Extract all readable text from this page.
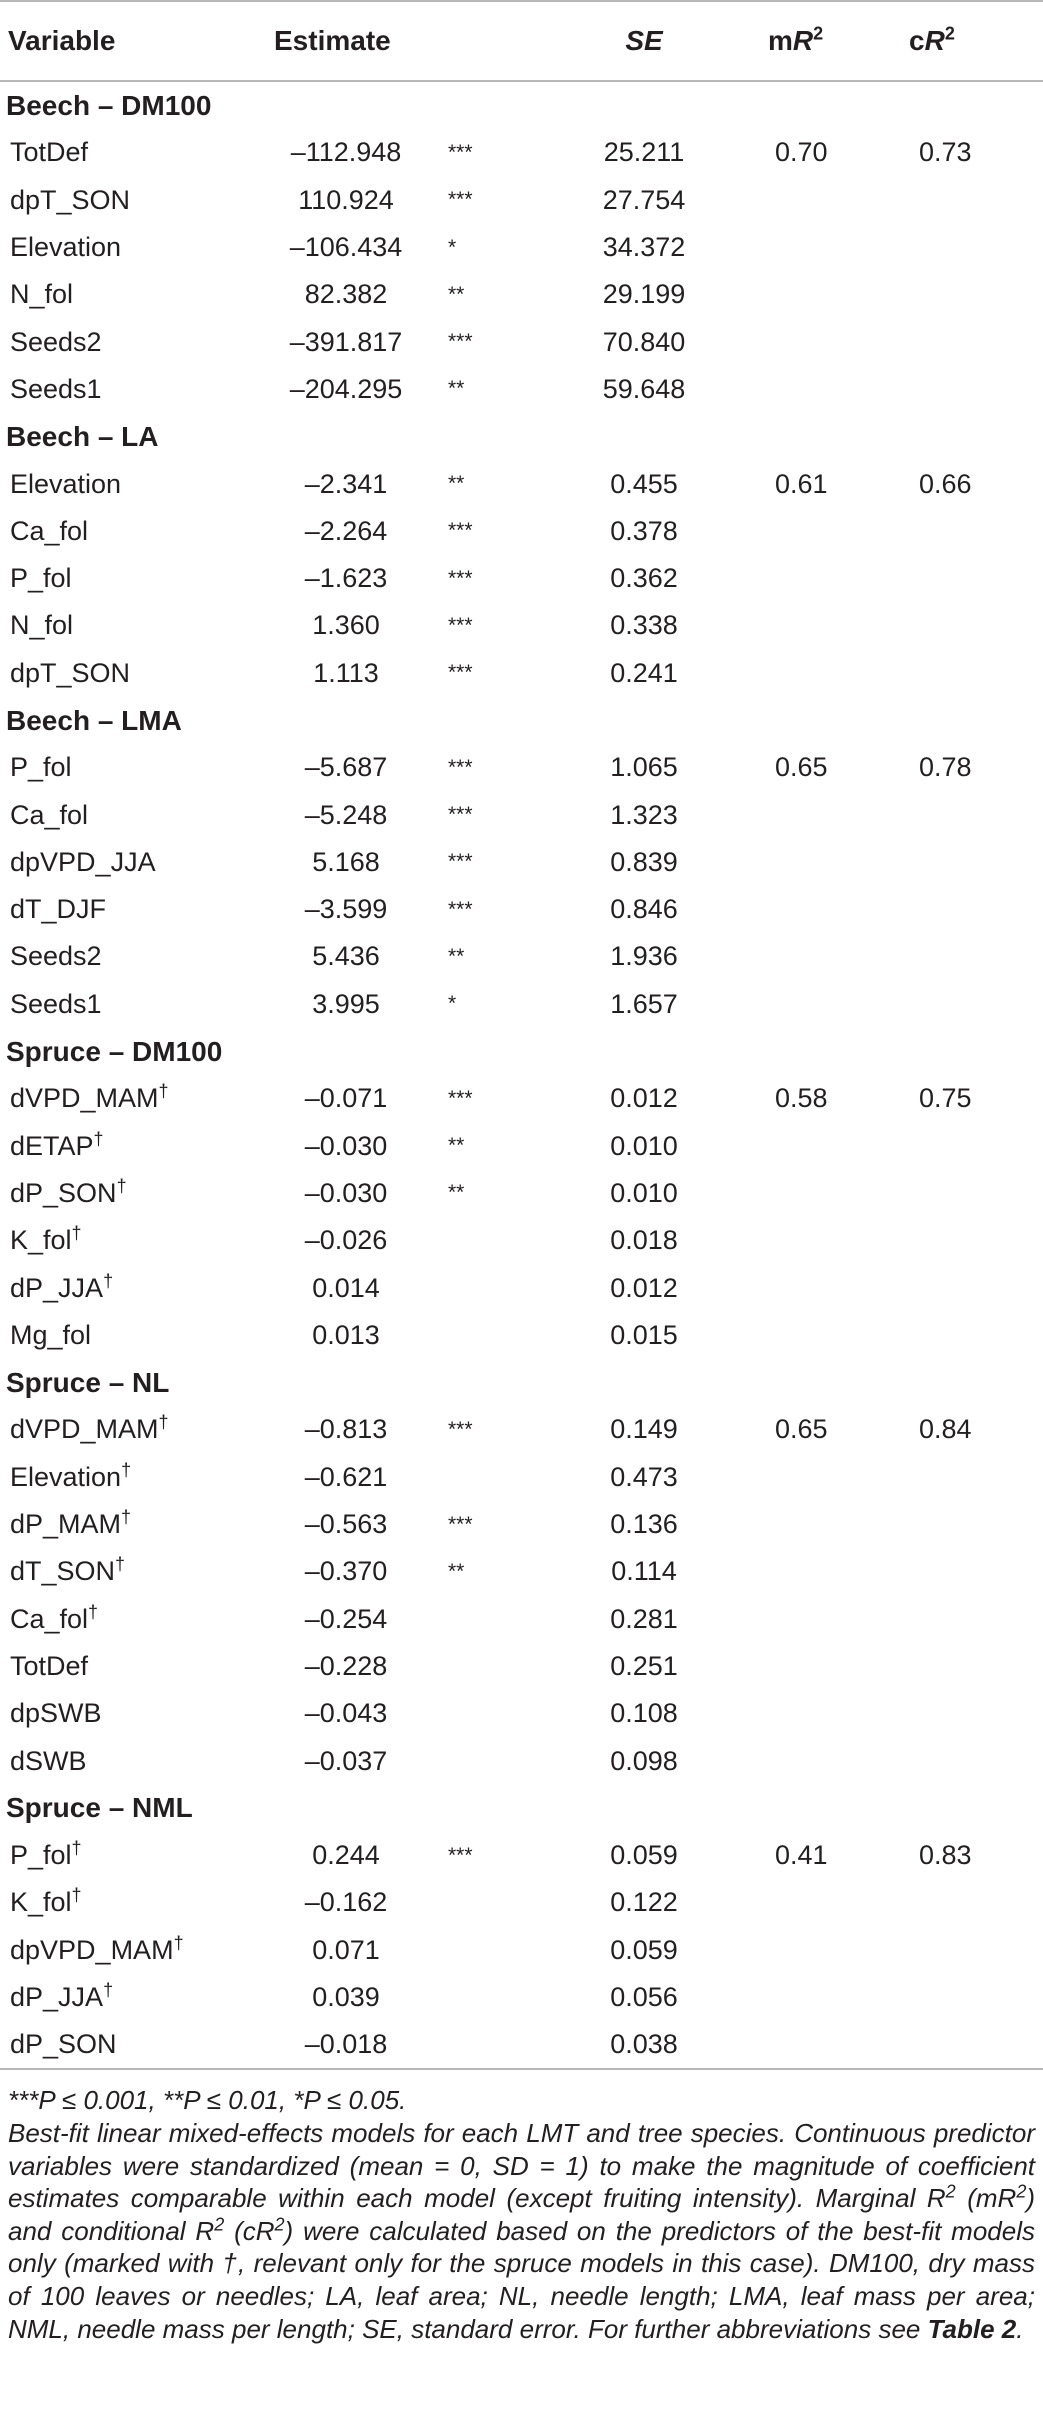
Variable	Estimate		SE	$mR^2$	$cR^2$
Beech – DM100					
TotDef	–112.948	***	25.211	0.70	0.73
dpT_SON	110.924	***	27.754		
Elevation	–106.434	*	34.372		
N_fol	82.382	**	29.199		
Seeds2	–391.817	***	70.840		
Seeds1	–204.295	**	59.648		
Beech – LA					
Elevation	–2.341	**	0.455	0.61	0.66
Ca_fol	–2.264	***	0.378		
P_fol	–1.623	***	0.362		
N_fol	1.360	***	0.338		
dpT_SON	1.113	***	0.241		
Beech – LMA					
P_fol	–5.687	***	1.065	0.65	0.78
Ca_fol	–5.248	***	1.323		
dpVPD_JJA	5.168	***	0.839		
dT_DJF	–3.599	***	0.846		
Seeds2	5.436	**	1.936		
Seeds1	3.995	*	1.657		
Spruce – DM100					
dVPD_MAM†	–0.071	***	0.012	0.58	0.75
dETAP†	–0.030	**	0.010		
dP_SON†	–0.030	**	0.010		
K_fol†	–0.026		0.018		
dP_JJA†	0.014		0.012		
Mg_fol	0.013		0.015		
Spruce – NL					
dVPD_MAM†	–0.813	***	0.149	0.65	0.84
Elevation†	–0.621		0.473		
dP_MAM†	–0.563	***	0.136		
dT_SON†	–0.370	**	0.114		
Ca_fol†	–0.254		0.281		
TotDef	–0.228		0.251		
dpSWB	–0.043		0.108		
dSWB	–0.037		0.098		
Spruce – NML					
P_fol†	0.244	***	0.059	0.41	0.83
K_fol†	–0.162		0.122		
dpVPD_MAM†	0.071		0.059		
dP_JJA†	0.039		0.056		
dP_SON	–0.018		0.038		

***P ≤ 0.001, **P ≤ 0.01, *P ≤ 0.05.

Best-fit linear mixed-effects models for each LMT and tree species. Continuous predictor variables were standardized (mean = 0, SD = 1) to make the magnitude of coefficient estimates comparable within each model (except fruiting intensity). Marginal $R^2$ $(mR^2)$ and conditional $R^2$ $(cR^2)$ were calculated based on the predictors of the best-fit models only (marked with †, relevant only for the spruce models in this case). DM100, dry mass of 100 leaves or needles; LA, leaf area; NL, needle length; LMA, leaf mass per area; NML, needle mass per length; SE, standard error. For further abbreviations see Table 2.
